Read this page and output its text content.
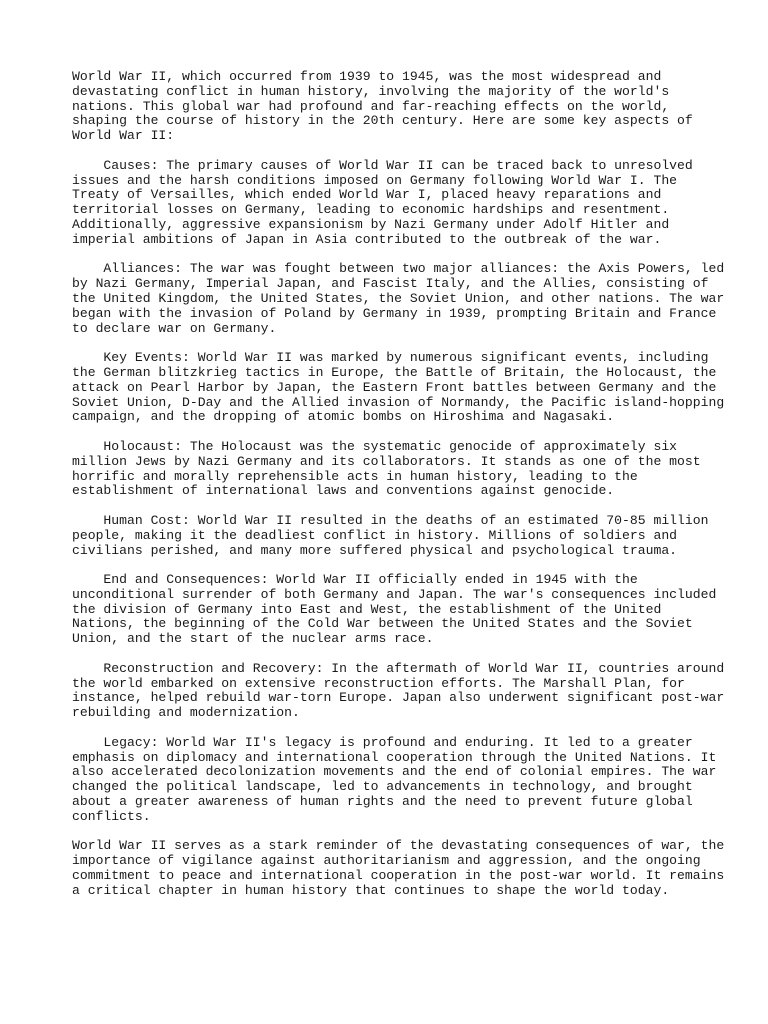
World War II, which occurred from 1939 to 1945, was the most widespread and
devastating conflict in human history, involving the majority of the world's
nations. This global war had profound and far-reaching effects on the world,
shaping the course of history in the 20th century. Here are some key aspects of
World War II:
Causes: The primary causes of World War II can be traced back to unresolved
issues and the harsh conditions imposed on Germany following World War I. The
Treaty of Versailles, which ended World War I, placed heavy reparations and
territorial losses on Germany, leading to economic hardships and resentment.
Additionally, aggressive expansionism by Nazi Germany under Adolf Hitler and
imperial ambitions of Japan in Asia contributed to the outbreak of the war.
Alliances: The war was fought between two major alliances: the Axis Powers, led
by Nazi Germany, Imperial Japan, and Fascist Italy, and the Allies, consisting of
the United Kingdom, the United States, the Soviet Union, and other nations. The war
began with the invasion of Poland by Germany in 1939, prompting Britain and France
to declare war on Germany.
Key Events: World War II was marked by numerous significant events, including
the German blitzkrieg tactics in Europe, the Battle of Britain, the Holocaust, the
attack on Pearl Harbor by Japan, the Eastern Front battles between Germany and the
Soviet Union, D-Day and the Allied invasion of Normandy, the Pacific island-hopping
campaign, and the dropping of atomic bombs on Hiroshima and Nagasaki.
Holocaust: The Holocaust was the systematic genocide of approximately six
million Jews by Nazi Germany and its collaborators. It stands as one of the most
horrific and morally reprehensible acts in human history, leading to the
establishment of international laws and conventions against genocide.
Human Cost: World War II resulted in the deaths of an estimated 70-85 million
people, making it the deadliest conflict in history. Millions of soldiers and
civilians perished, and many more suffered physical and psychological trauma.
End and Consequences: World War II officially ended in 1945 with the
unconditional surrender of both Germany and Japan. The war's consequences included
the division of Germany into East and West, the establishment of the United
Nations, the beginning of the Cold War between the United States and the Soviet
Union, and the start of the nuclear arms race.
Reconstruction and Recovery: In the aftermath of World War II, countries around
the world embarked on extensive reconstruction efforts. The Marshall Plan, for
instance, helped rebuild war-torn Europe. Japan also underwent significant post-war
rebuilding and modernization.
Legacy: World War II's legacy is profound and enduring. It led to a greater
emphasis on diplomacy and international cooperation through the United Nations. It
also accelerated decolonization movements and the end of colonial empires. The war
changed the political landscape, led to advancements in technology, and brought
about a greater awareness of human rights and the need to prevent future global
conflicts.
World War II serves as a stark reminder of the devastating consequences of war, the
importance of vigilance against authoritarianism and aggression, and the ongoing
commitment to peace and international cooperation in the post-war world. It remains
a critical chapter in human history that continues to shape the world today.
